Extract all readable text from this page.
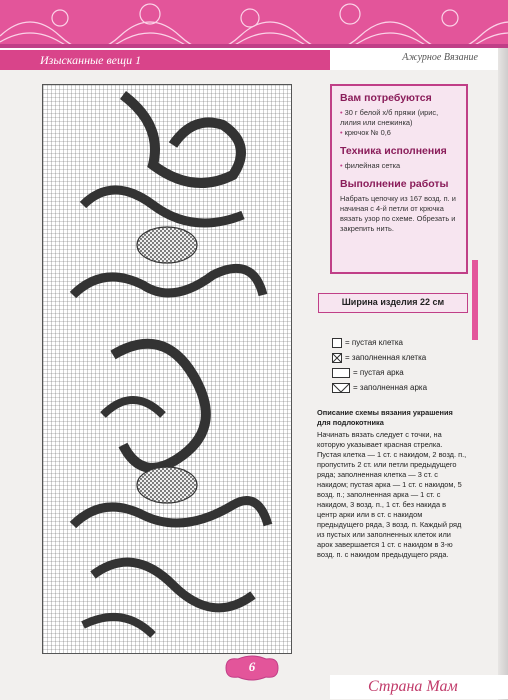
Изысканные вещи 1	Ажурное Вязание
Вам потребуются

• 30 г белой х/б пряжи (ирис, лилия или снежинка)
• крючок № 0,6

Техника исполнения

• филейная сетка

Выполнение работы

Набрать цепочку из 167 возд. п. и начиная с 4-й петли от крючка вязать узор по схеме. Обрезать и закрепить нить.

Ширина изделия 22 см
= пустая клетка
= заполненная клетка
= пустая арка
= заполненная арка
Описание схемы вязания украшения для подлокотника
Начинать вязать следует с точки, на которую указывает красная стрелка. Пустая клетка — 1 ст. с накидом, 2 возд. п., пропустить 2 ст. или петли предыдущего ряда; заполненная клетка — 3 ст. с накидом; пустая арка — 1 ст. с накидом, 5 возд. п.; заполненная арка — 1 ст. с накидом, 3 возд. п., 1 ст. без накида в центр арки или в ст. с накидом предыдущего ряда, 3 возд. п. Каждый ряд из пустых или заполненных клеток или арок завершается 1 ст. с накидом в 3-ю возд. п. с накидом предыдущего ряда.
6
Страна Мам
